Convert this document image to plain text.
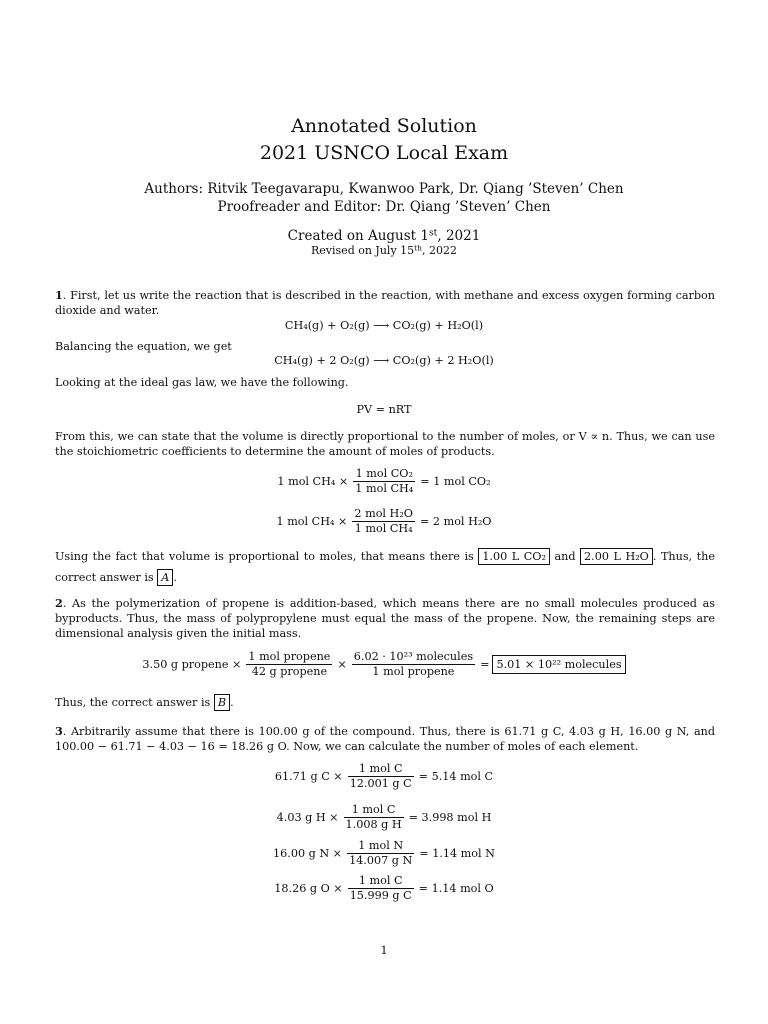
Annotated Solution
2021 USNCO Local Exam
Authors: Ritvik Teegavarapu, Kwanwoo Park, Dr. Qiang ’Steven’ Chen
Proofreader and Editor: Dr. Qiang ’Steven’ Chen
Created on August 1st, 2021
Revised on July 15th, 2022
1. First, let us write the reaction that is described in the reaction, with methane and excess oxygen forming carbon dioxide and water.
CH₄(g) + O₂(g) ⟶ CO₂(g) + H₂O(l)
Balancing the equation, we get
CH₄(g) + 2 O₂(g) ⟶ CO₂(g) + 2 H₂O(l)
Looking at the ideal gas law, we have the following.
PV = nRT
From this, we can state that the volume is directly proportional to the number of moles, or V ∝ n. Thus, we can use the stoichiometric coefficients to determine the amount of moles of products.
1 mol $CH_4 \times \frac{\text{1 mol CO₂}}{\text{1 mol CH₄}} = 1$ mol CO₂
1 mol $CH_4 \times \frac{\text{2 mol H₂O}}{\text{1 mol CH₄}} = 2$ mol H₂O
Using the fact that volume is proportional to moles, that means there is 1.00 L CO₂ and 2.00 L H₂O . Thus, the correct answer is A .
2. As the polymerization of propene is addition-based, which means there are no small molecules produced as byproducts. Thus, the mass of polypropylene must equal the mass of the propene. Now, the remaining steps are dimensional analysis given the initial mass.
3.50 g propene × $\frac{\text{1 mol propene}}{\text{42 g propene}} \times \frac{\text{6.02 · 10²³ molecules}}{\text{1 mol propene}} = 5.01 \times 10^{22}$ molecules
Thus, the correct answer is B .
3. Arbitrarily assume that there is 100.00 g of the compound. Thus, there is 61.71 g C, 4.03 g H, 16.00 g N, and 100.00 − 61.71 − 4.03 − 16 = 18.26 g O. Now, we can calculate the number of moles of each element.
61.71 g $C \times \frac{\text{1 mol C}}{\text{12.001 g C}} = 5.14$ mol C
4.03 g $H \times \frac{\text{1 mol C}}{\text{1.008 g H}} = 3.998$ mol H
16.00 g $N \times \frac{\text{1 mol N}}{\text{14.007 g N}} = 1.14$ mol N
18.26 g $O \times \frac{\text{1 mol C}}{\text{15.999 g C}} = 1.14$ mol O
1
